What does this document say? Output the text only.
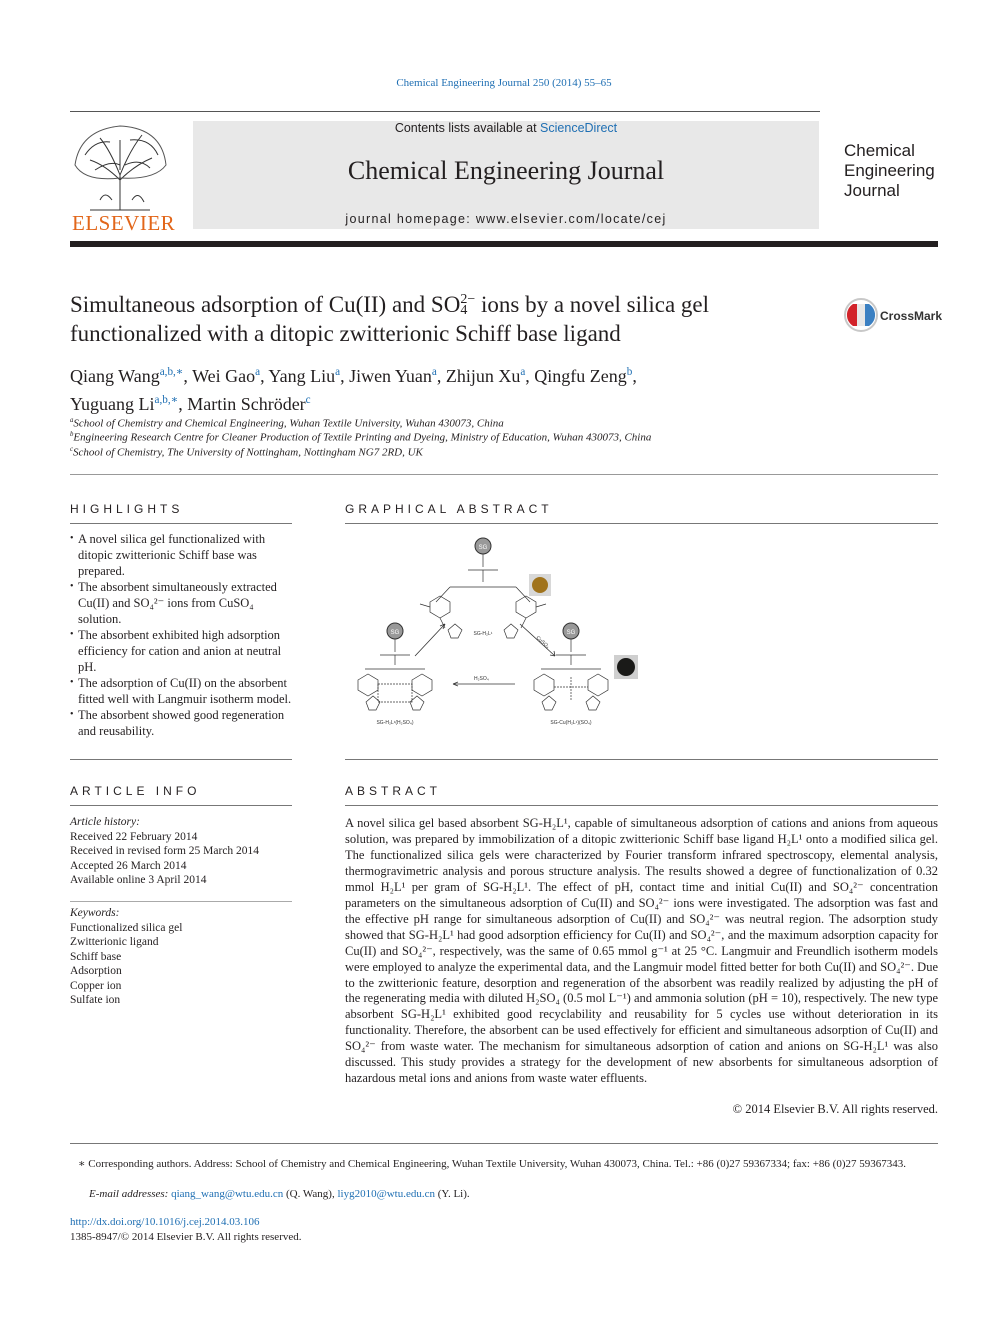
Chemical Engineering Journal 250 (2014) 55–65
ELSEVIER
Contents lists available at ScienceDirect
Chemical Engineering Journal
journal homepage: www.elsevier.com/locate/cej
Chemical
Engineering
Journal
Simultaneous adsorption of Cu(II) and SO 2−
4 ions by a novel silica gel functionalized with a ditopic zwitterionic Schiff base ligand
CrossMark
Qiang Wang$^{a,b,∗}$, Wei Gao$^a$, Yang Liu$^a$, Jiwen Yuan$^a$, Zhijun Xu$^a$, Qingfu Zeng$^b$,
Yuguang $Li^{a,b,∗}$, Martin Schröder$^c$
$^a$School of Chemistry and Chemical Engineering, Wuhan Textile University, Wuhan 430073, China
$^b$Engineering Research Centre for Cleaner Production of Textile Printing and Dyeing, Ministry of Education, Wuhan 430073, China
$^c$School of Chemistry, The University of Nottingham, Nottingham NG7 2RD, UK
HIGHLIGHTS
• A novel silica gel functionalized with ditopic zwitterionic Schiff base was prepared.
• The absorbent simultaneously extracted Cu(II) and SO₄²⁻ ions from CuSO₄ solution.
• The absorbent exhibited high adsorption efficiency for cation and anion at neutral pH.
• The adsorption of Cu(II) on the absorbent fitted well with Langmuir isotherm model.
• The absorbent showed good regeneration and reusability.
GRAPHICAL ABSTRACT
SG
SG-H₂L¹
CuSO₄
H₂SO₄
SG
SG-H₂L¹(H₂SO₄)
SG
SG-Cu(H₂L¹)(SO₄)
ARTICLE INFO
Article history:
Received 22 February 2014
Received in revised form 25 March 2014
Accepted 26 March 2014
Available online 3 April 2014
Keywords:
Functionalized silica gel
Zwitterionic ligand
Schiff base
Adsorption
Copper ion
Sulfate ion
ABSTRACT
A novel silica gel based absorbent SG-H₂L¹, capable of simultaneous adsorption of cations and anions from aqueous solution, was prepared by immobilization of a ditopic zwitterionic Schiff base ligand H₂L¹ onto a modified silica gel. The functionalized silica gels were characterized by Fourier transform infrared spectroscopy, elemental analysis, thermogravimetric analysis and porous structure analysis. The results showed a degree of functionalization of 0.32 mmol H₂L¹ per gram of SG-H₂L¹. The effect of pH, contact time and initial Cu(II) and SO₄²⁻ concentration parameters on the simultaneous adsorption of Cu(II) and SO₄²⁻ ions were investigated. The adsorption was fast and the effective pH range for simultaneous adsorption of Cu(II) and SO₄²⁻ was neutral region. The adsorption study showed that SG-H₂L¹ had good adsorption efficiency for Cu(II) and SO₄²⁻, and the maximum adsorption capacity for Cu(II) and SO₄²⁻, respectively, was the same of 0.65 mmol g⁻¹ at 25 °C. Langmuir and Freundlich isotherm models were employed to analyze the experimental data, and the Langmuir model fitted better for both Cu(II) and SO₄²⁻. Due to the zwitterionic feature, desorption and regeneration of the absorbent was readily realized by adjusting the pH of the regenerating media with diluted H₂SO₄ (0.5 mol L⁻¹) and ammonia solution (pH = 10), respectively. The new type absorbent SG-H₂L¹ exhibited good recyclability and reusability for 5 cycles use without deterioration in its functionality. Therefore, the absorbent can be used effectively for efficient and simultaneous adsorption of Cu(II) and SO₄²⁻ from waste water. The mechanism for simultaneous adsorption of cation and anions on SG-H₂L¹ was also discussed. This study provides a strategy for the development of new absorbents for simultaneous adsorption of hazardous metal ions and anions from waste water effluents.
© 2014 Elsevier B.V. All rights reserved.
∗ Corresponding authors. Address: School of Chemistry and Chemical Engineering, Wuhan Textile University, Wuhan 430073, China. Tel.: +86 (0)27 59367334; fax: +86 (0)27 59367343.
E-mail addresses: qiang_wang@wtu.edu.cn (Q. Wang), liyg2010@wtu.edu.cn (Y. Li).
http://dx.doi.org/10.1016/j.cej.2014.03.106
1385-8947/© 2014 Elsevier B.V. All rights reserved.
